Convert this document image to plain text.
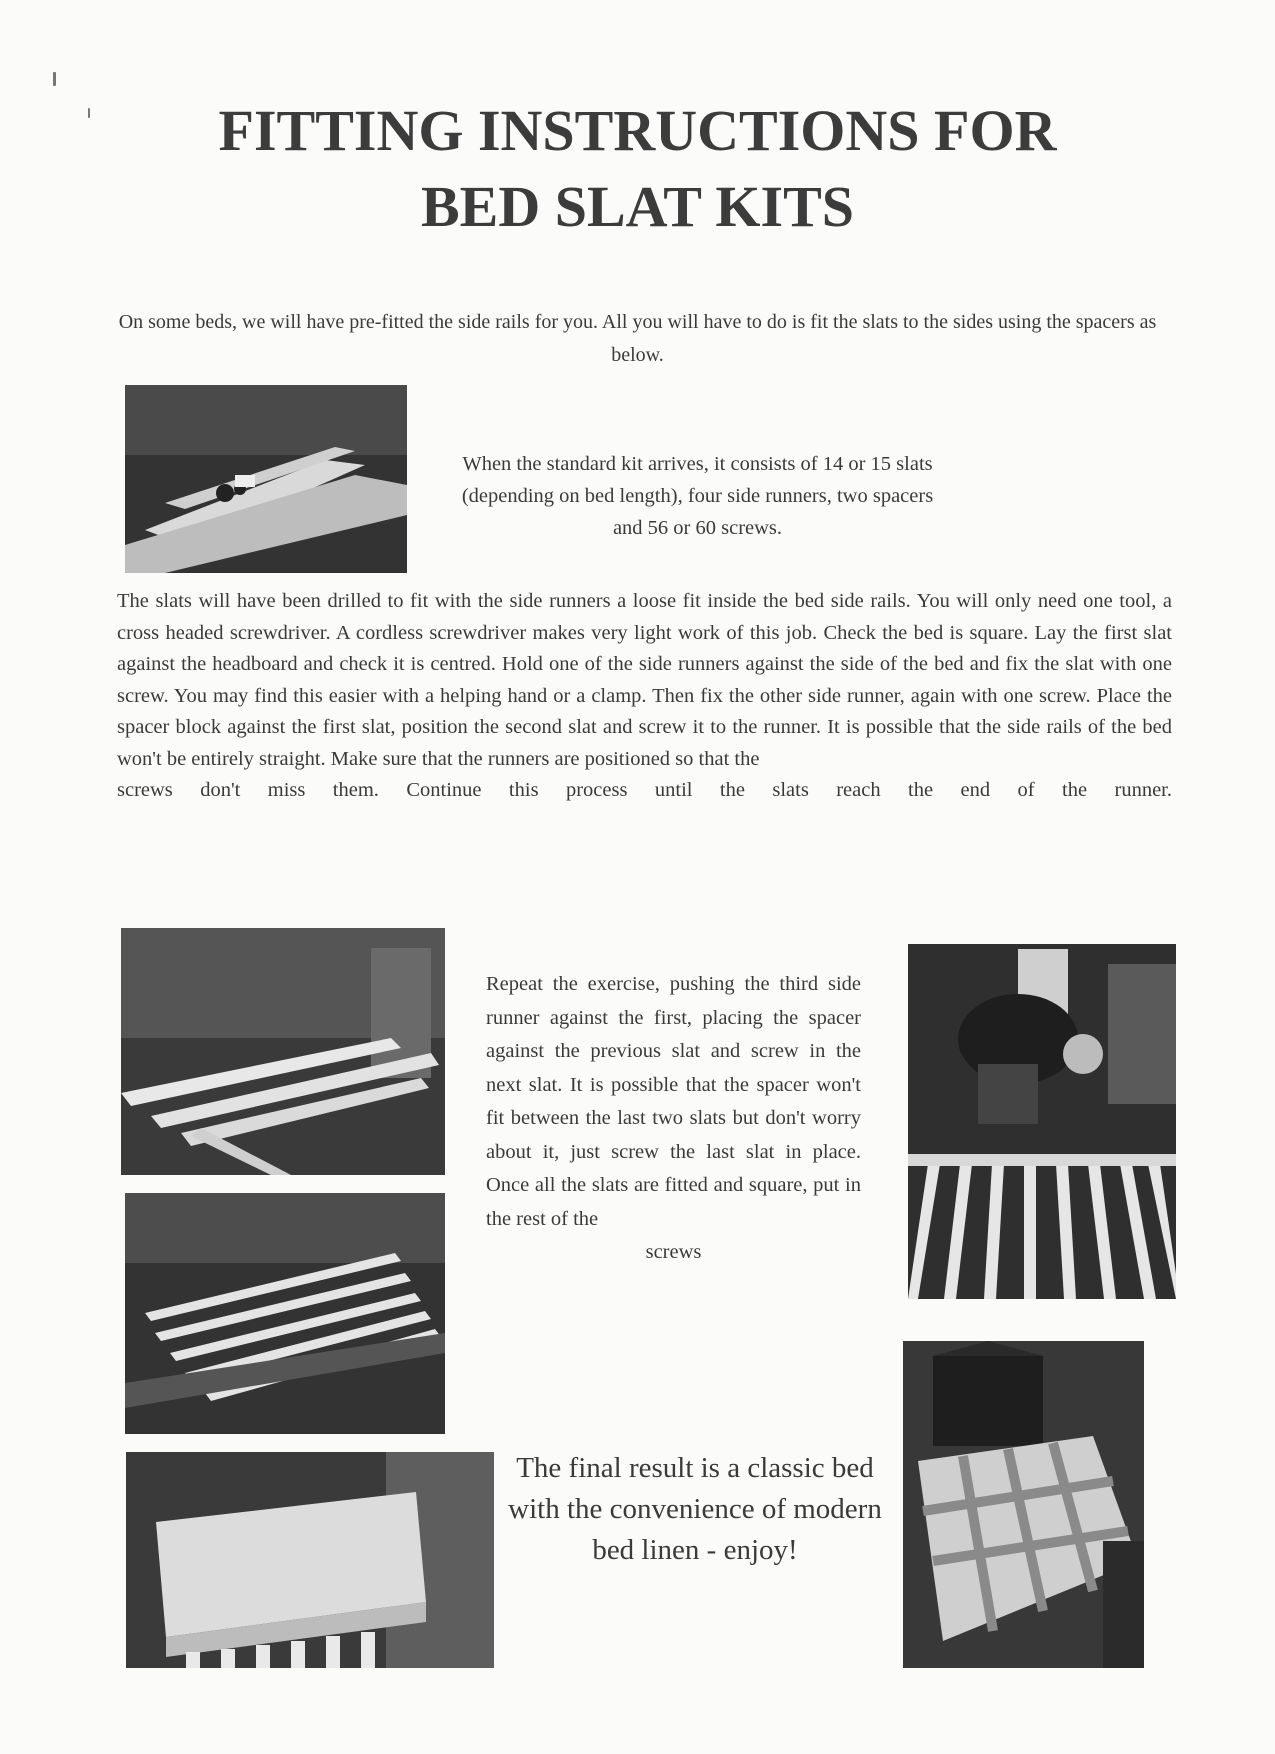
FITTING INSTRUCTIONS FOR
BED SLAT KITS
On some beds, we will have pre-fitted the side rails for you. All you will have to do is fit the slats to the sides using the spacers as below.
When the standard kit arrives, it consists of 14 or 15 slats (depending on bed length), four side runners, two spacers and 56 or 60 screws.
The slats will have been drilled to fit with the side runners a loose fit inside the bed side rails. You will only need one tool, a cross headed screwdriver. A cordless screwdriver makes very light work of this job. Check the bed is square. Lay the first slat against the headboard and check it is centred. Hold one of the side runners against the side of the bed and fix the slat with one screw. You may find this easier with a helping hand or a clamp. Then fix the other side runner, again with one screw. Place the spacer block against the first slat, position the second slat and screw it to the runner. It is possible that the side rails of the bed won't be entirely straight. Make sure that the runners are positioned so that the
screws don't miss them. Continue this process until the slats reach the end of the runner.
Repeat the exercise, pushing the third side runner against the first, placing the spacer against the previous slat and screw in the next slat. It is possible that the spacer won't fit between the last two slats but don't worry about it, just screw the last slat in place. Once all the slats are fitted and square, put in the rest of the
screws
The final result is a classic bed with the convenience of modern bed linen - enjoy!
